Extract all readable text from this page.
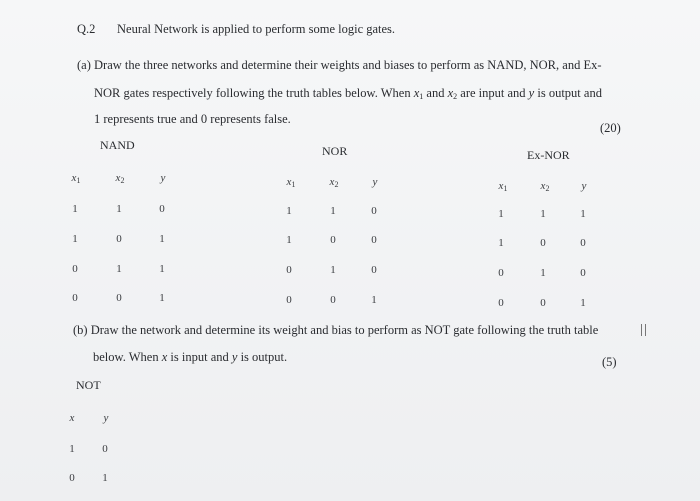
Q.2 Neural Network is applied to perform some logic gates.
(a) Draw the three networks and determine their weights and biases to perform as NAND, NOR, and Ex-
NOR gates respectively following the truth tables below. When $x_1$ and $x_2$ are input and y is output and
1 represents true and 0 represents false.
(20)
NAND
$x_1$	$x_2$	y
1	1	0
1	0	1
0	1	1
0	0	1
NOR
$x_1$	$x_2$	y
1	1	0
1	0	0
0	1	0
0	0	1
Ex-NOR
$x_1$	$x_2$	y
1	1	1
1	0	0
0	1	0
0	0	1
(b) Draw the network and determine its weight and bias to perform as NOT gate following the truth table
below. When x is input and y is output.	(5)
NOT
x	y
1	0
0	1
